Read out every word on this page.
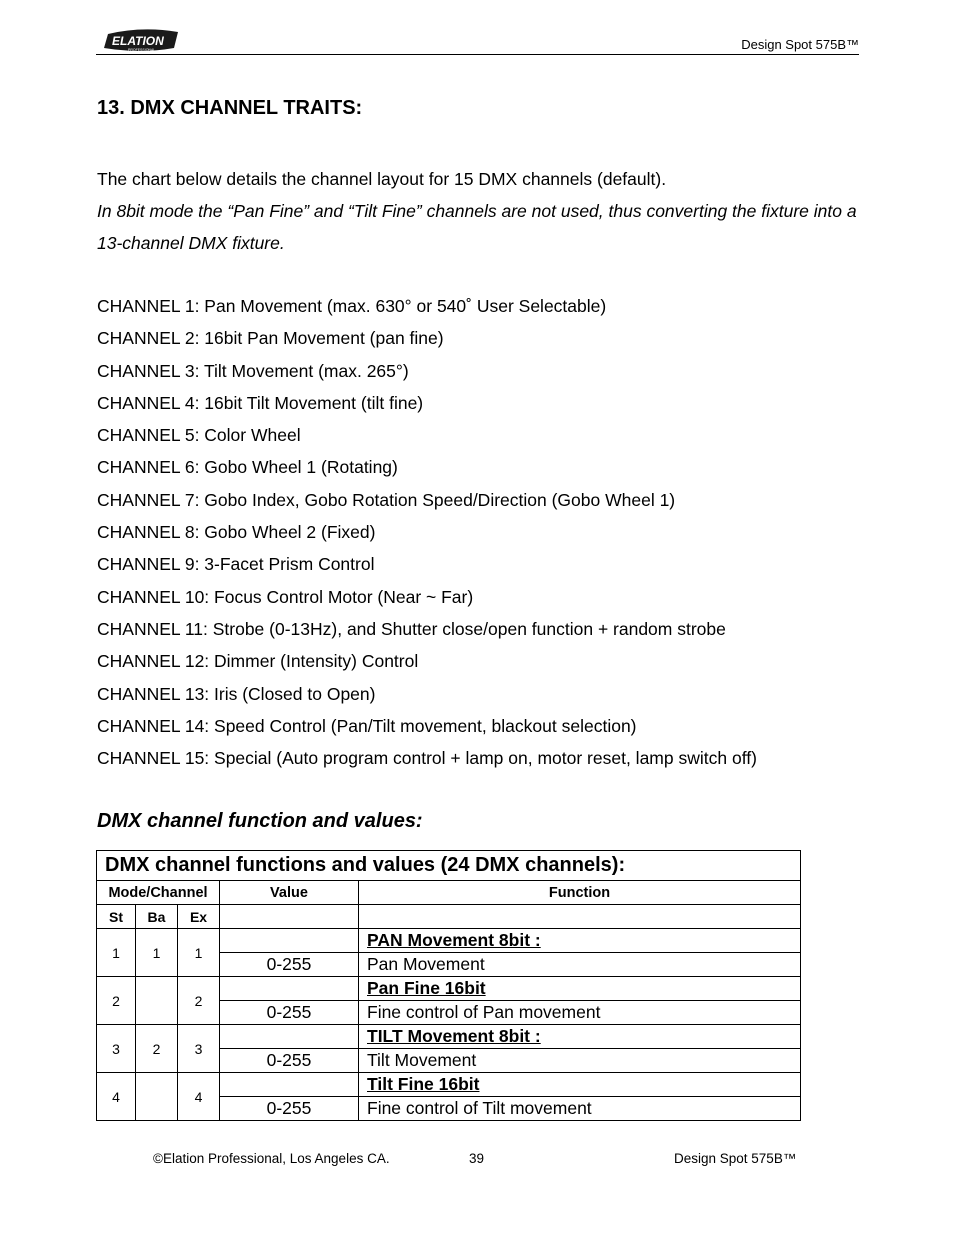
ELATION
PROFESSIONAL	Design Spot 575B™
13. DMX CHANNEL TRAITS:
The chart below details the channel layout for 15 DMX channels (default).
In 8bit mode the “Pan Fine” and “Tilt Fine” channels are not used, thus converting the fixture into a 13-channel DMX fixture.
CHANNEL 1: Pan Movement (max. 630° or 540˚ User Selectable)
CHANNEL 2: 16bit Pan Movement (pan fine)
CHANNEL 3: Tilt Movement (max. 265°)
CHANNEL 4: 16bit Tilt Movement (tilt fine)
CHANNEL 5: Color Wheel
CHANNEL 6: Gobo Wheel 1 (Rotating)
CHANNEL 7: Gobo Index, Gobo Rotation Speed/Direction (Gobo Wheel 1)
CHANNEL 8: Gobo Wheel 2 (Fixed)
CHANNEL 9: 3-Facet Prism Control
CHANNEL 10: Focus Control Motor (Near ~ Far)
CHANNEL 11: Strobe (0-13Hz), and Shutter close/open function + random strobe
CHANNEL 12: Dimmer (Intensity) Control
CHANNEL 13: Iris (Closed to Open)
CHANNEL 14: Speed Control (Pan/Tilt movement, blackout selection)
CHANNEL 15: Special (Auto program control + lamp on, motor reset, lamp switch off)
DMX channel function and values:
DMX channel functions and values (24 DMX channels):				
Mode/Channel			Value	Function
St	Ba	Ex		
1	1	1		PAN Movement 8bit :
			0-255	Pan Movement
2		2		Pan Fine 16bit
			0-255	Fine control of Pan movement
3	2	3		TILT Movement 8bit :
			0-255	Tilt Movement
4		4		Tilt Fine 16bit
			0-255	Fine control of Tilt movement
©Elation Professional, Los Angeles CA.	39	Design Spot 575B™
